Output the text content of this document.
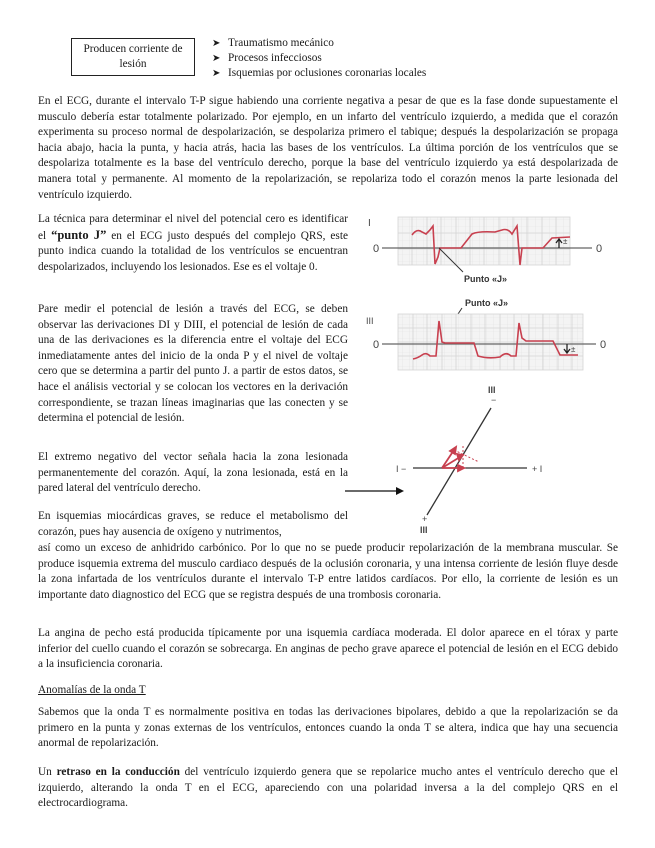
Producen corriente de lesión
➤ Traumatismo mecánico
➤ Procesos infecciosos
➤ Isquemias por oclusiones coronarias locales

En el ECG, durante el intervalo T-P sigue habiendo una corriente negativa a pesar de que es la fase donde supuestamente el musculo debería estar totalmente polarizado. Por ejemplo, en un infarto del ventrículo izquierdo, a medida que el corazón experimenta su proceso normal de despolarización, se despolariza primero el tabique; después la despolarización se propaga hacia abajo, hacia la punta, y hacia atrás, hacia las bases de los ventrículos. La última porción de los ventrículos que se despolariza totalmente es la base del ventrículo derecho, porque la base del ventrículo izquierdo ya está despolarizada de manera total y permanente. Al momento de la repolarización, se repolariza todo el corazón menos la parte lesionada del ventrículo izquierdo.

La técnica para determinar el nivel del potencial cero es identificar el “punto J” en el ECG justo después del complejo QRS, este punto indica cuando la totalidad de los ventrículos se encuentran despolarizados, incluyendo los lesionados. Ese es el voltaje 0.

Pare medir el potencial de lesión a través del ECG, se deben observar las derivaciones DI y DIII, el potencial de lesión de cada una de las derivaciones es la diferencia entre el voltaje del ECG inmediatamente antes del inicio de la onda P y el nivel de voltaje cero que se determina a partir del punto J. a partir de estos datos, se hace el análisis vectorial y se colocan los vectores en la derivación correspondiente, se trazan líneas imaginarias que las conecten y se determina el potencial de lesión.

El extremo negativo del vector señala hacia la zona lesionada permanentemente del corazón. Aquí, la zona lesionada, está en la pared lateral del ventrículo derecho.

En isquemias miocárdicas graves, se reduce el metabolismo del corazón, pues hay ausencia de oxígeno y nutrimentos,

así como un exceso de anhidrido carbónico. Por lo que no se puede producir repolarización de la membrana muscular. Se produce isquemia extrema del musculo cardiaco después de la oclusión coronaria, y una intensa corriente de lesión fluye desde la zona infartada de los ventrículos durante el intervalo T-P entre latidos cardíacos. Por ello, la corriente de lesión es un importante dato diagnostico del ECG que se registra después de una trombosis coronaria.

La angina de pecho está producida típicamente por una isquemia cardíaca moderada. El dolor aparece en el tórax y parte inferior del cuello cuando el corazón se sobrecarga. En anginas de pecho grave aparece el potencial de lesión en el ECG debido a la insuficiencia coronaria.

Anomalías de la onda T

Sabemos que la onda T es normalmente positiva en todas las derivaciones bipolares, debido a que la repolarización se da primero en la punta y zonas externas de los ventrículos, entonces cuando la onda T se altera, indica que hay una secuencia anormal de repolarización.

Un retraso en la conducción del ventrículo izquierdo genera que se repolarice mucho antes el ventrículo derecho que el izquierdo, alterando la onda T en el ECG, apareciendo con una polaridad inversa a la del complejo QRS en el electrocardiograma.

I
0	0
Punto «J»
±
Punto «J»
III
0	0
±
III
−
+
III
I −	+ I
